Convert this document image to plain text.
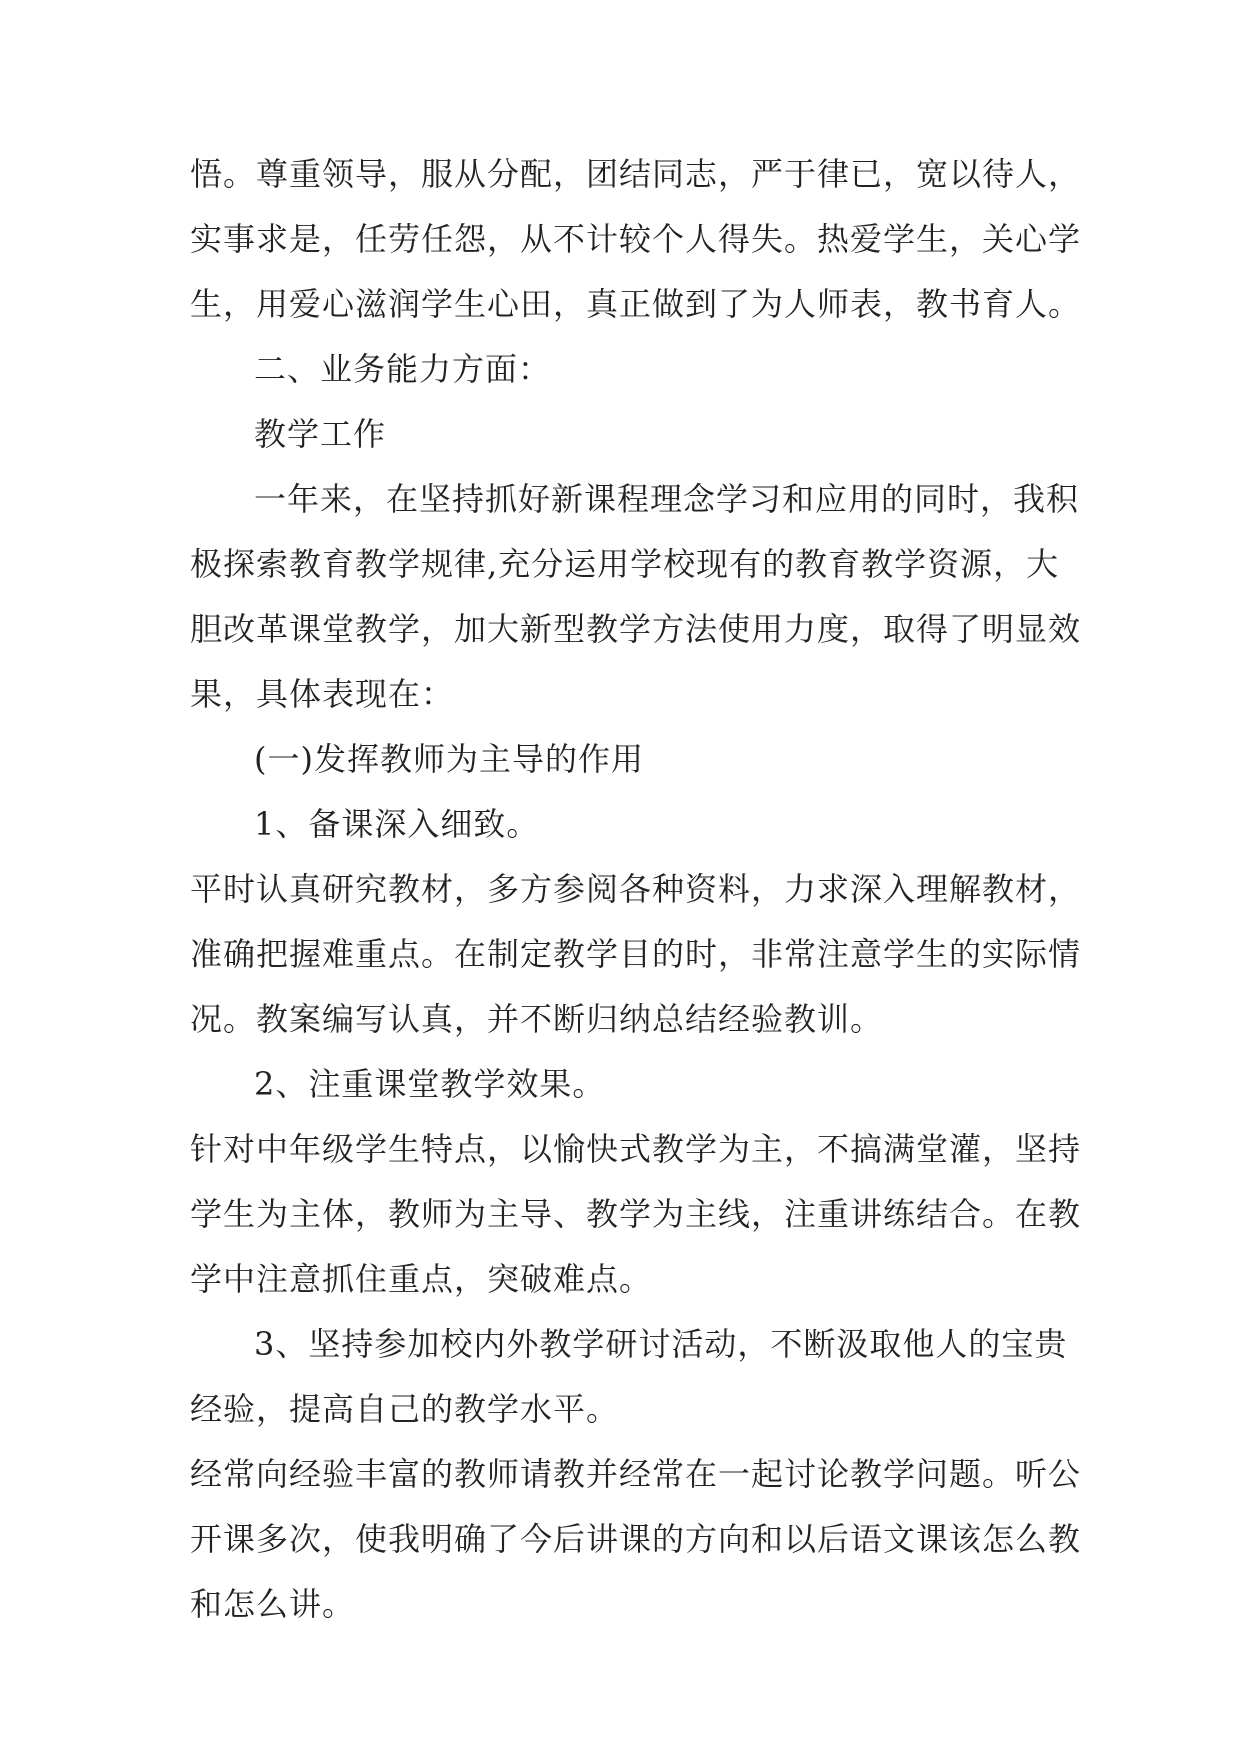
悟。尊重领导，服从分配，团结同志，严于律已，宽以待人，实事求是，任劳任怨，从不计较个人得失。热爱学生，关心学生，用爱心滋润学生心田，真正做到了为人师表，教书育人。

二、业务能力方面：

教学工作

一年来，在坚持抓好新课程理念学习和应用的同时，我积极探索教育教学规律,充分运用学校现有的教育教学资源，大胆改革课堂教学，加大新型教学方法使用力度，取得了明显效果，具体表现在：

(一)发挥教师为主导的作用

1、备课深入细致。

平时认真研究教材，多方参阅各种资料，力求深入理解教材，准确把握难重点。在制定教学目的时，非常注意学生的实际情况。教案编写认真，并不断归纳总结经验教训。

2、注重课堂教学效果。

针对中年级学生特点，以愉快式教学为主，不搞满堂灌，坚持学生为主体，教师为主导、教学为主线，注重讲练结合。在教学中注意抓住重点，突破难点。

3、坚持参加校内外教学研讨活动，不断汲取他人的宝贵经验，提高自己的教学水平。

经常向经验丰富的教师请教并经常在一起讨论教学问题。听公开课多次，使我明确了今后讲课的方向和以后语文课该怎么教和怎么讲。
